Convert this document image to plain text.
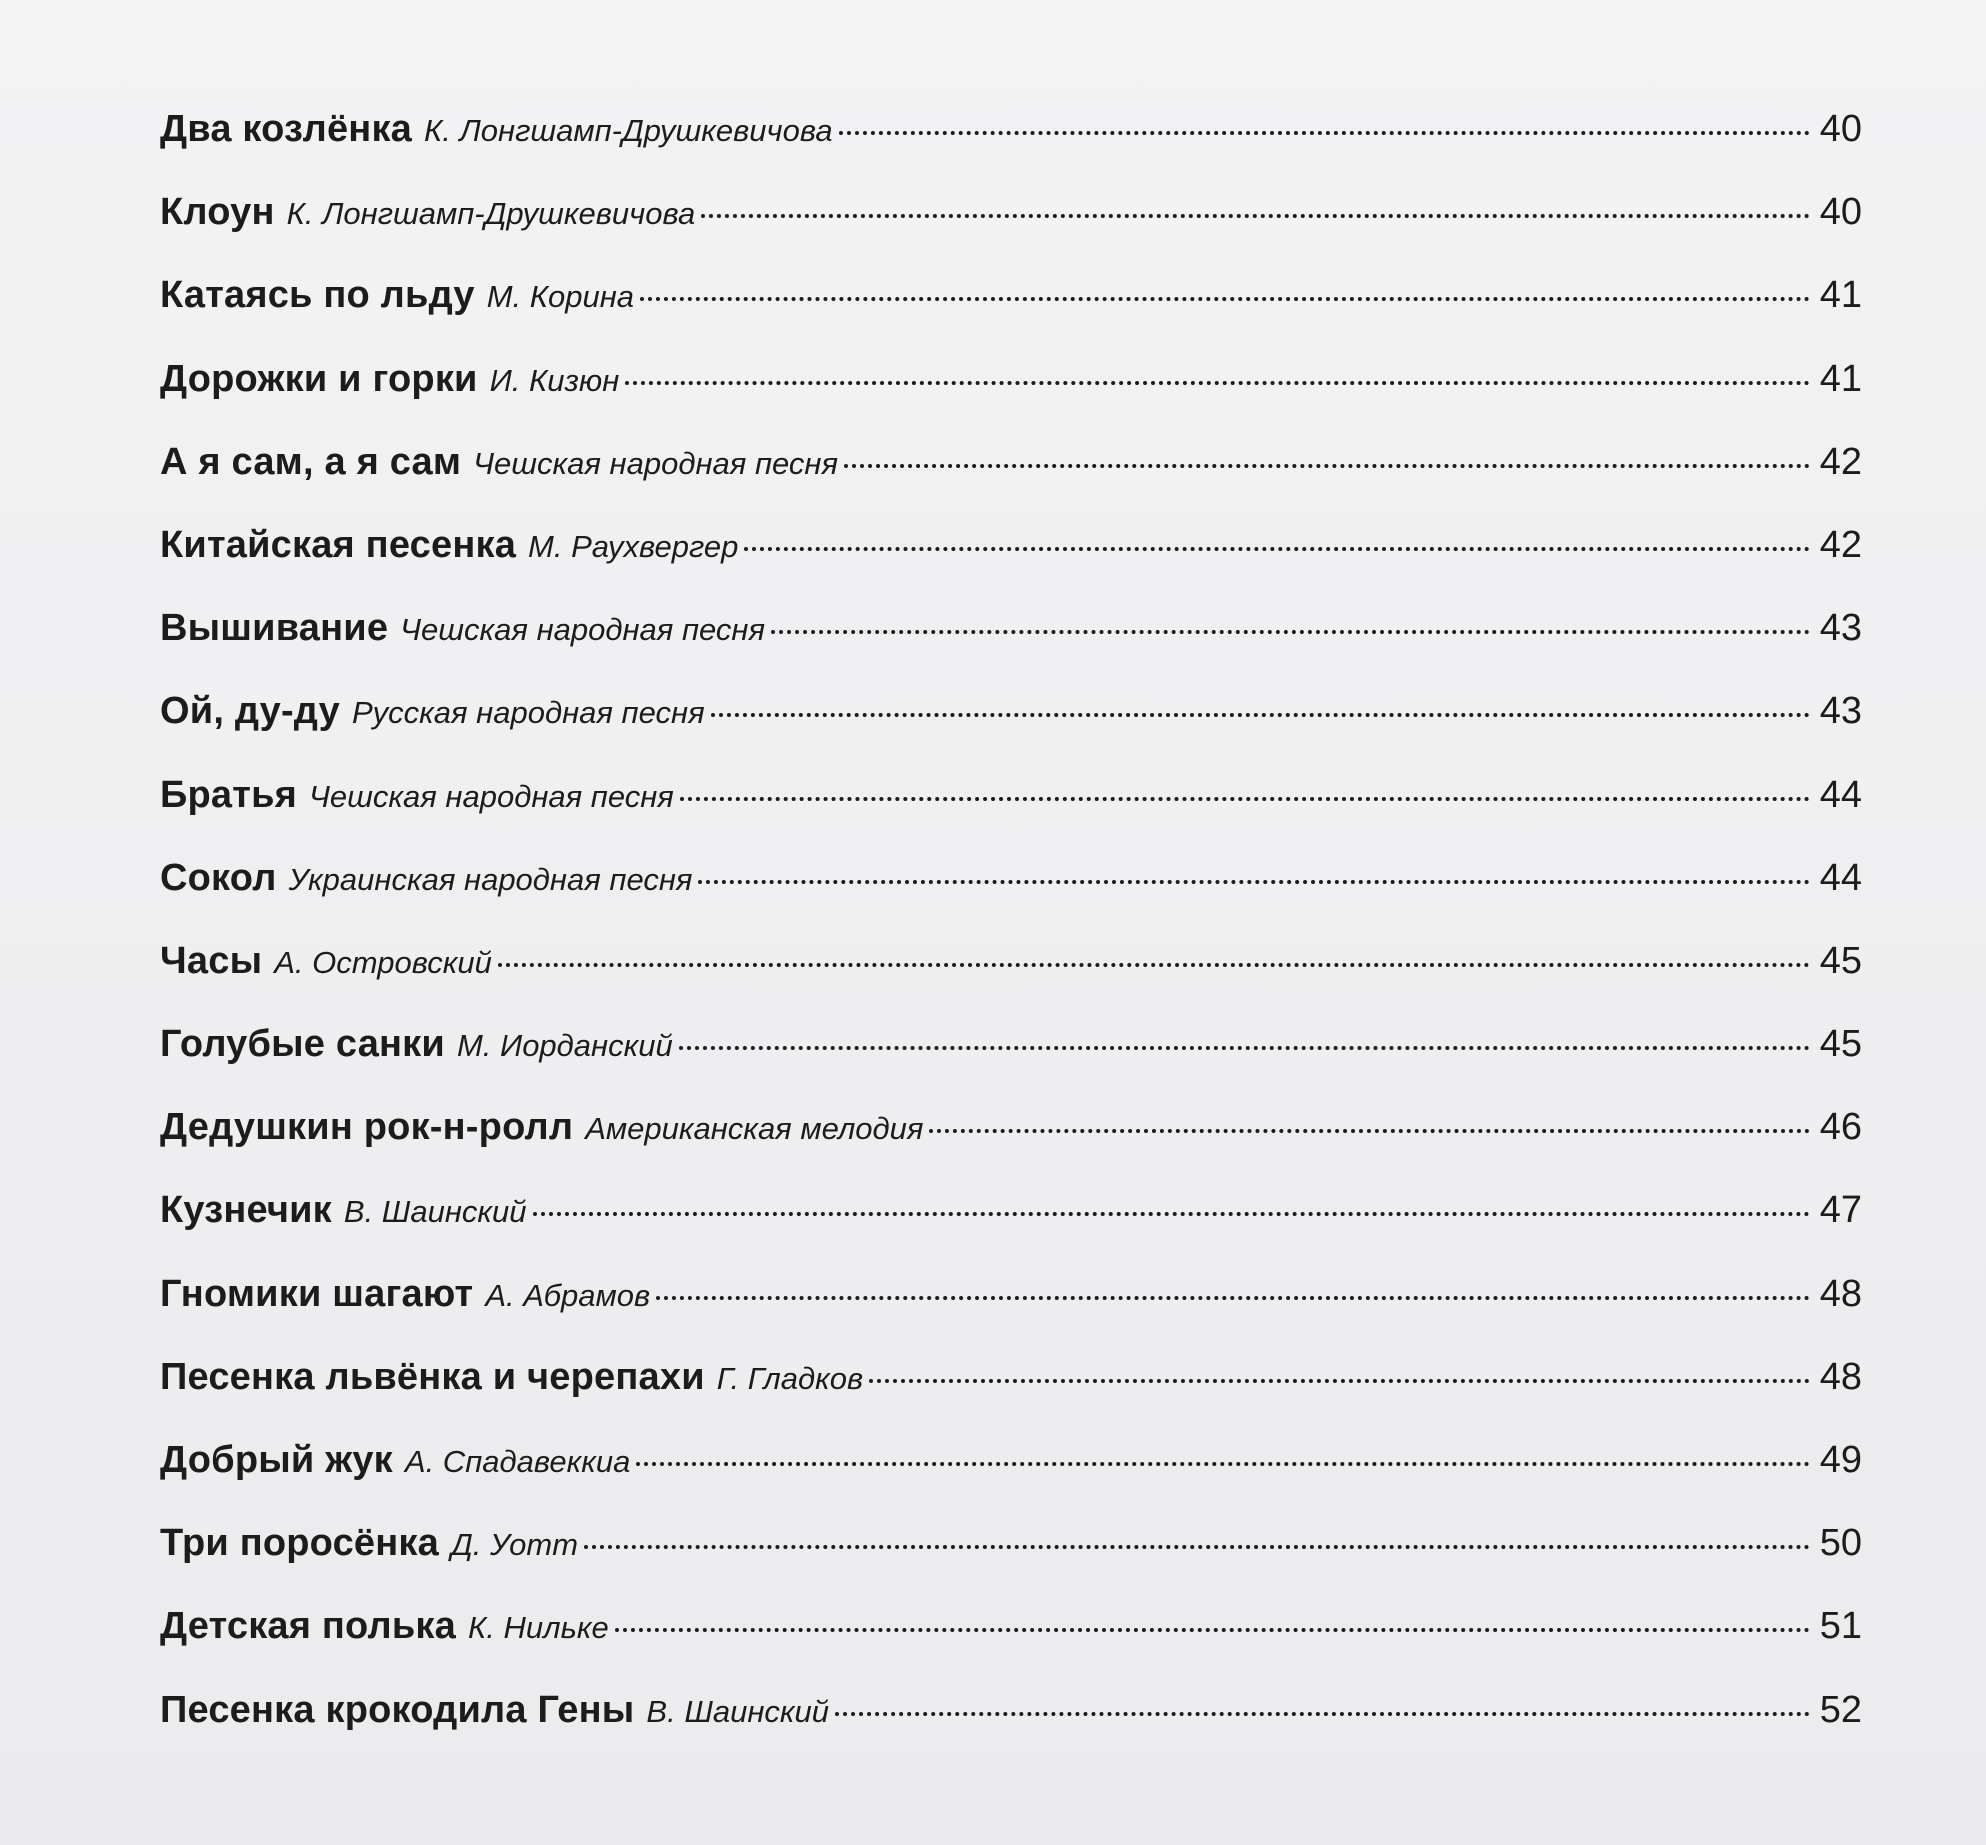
Два козлёнка К. Лонгшамп-Друшкевичова	40
Клоун К. Лонгшамп-Друшкевичова	40
Катаясь по льду М. Корина	41
Дорожки и горки И. Кизюн	41
А я сам, а я сам Чешская народная песня	42
Китайская песенка М. Раухвергер	42
Вышивание Чешская народная песня	43
Ой, ду-ду Русская народная песня	43
Братья Чешская народная песня	44
Сокол Украинская народная песня	44
Часы А. Островский	45
Голубые санки М. Иорданский	45
Дедушкин рок-н-ролл Американская мелодия	46
Кузнечик В. Шаинский	47
Гномики шагают А. Абрамов	48
Песенка львёнка и черепахи Г. Гладков	48
Добрый жук А. Спадавеккиа	49
Три поросёнка Д. Уотт	50
Детская полька К. Нильке	51
Песенка крокодила Гены В. Шаинский	52
